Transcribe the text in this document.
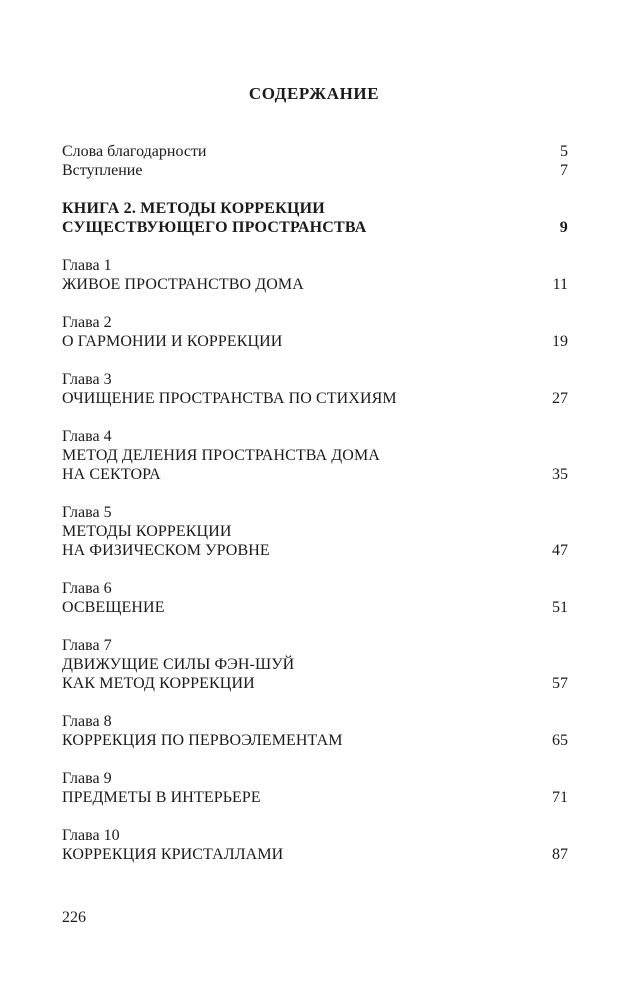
СОДЕРЖАНИЕ
Слова благодарности	5
Вступление	7
КНИГА 2. МЕТОДЫ КОРРЕКЦИИ
СУЩЕСТВУЮЩЕГО ПРОСТРАНСТВА	9
Глава 1
ЖИВОЕ ПРОСТРАНСТВО ДОМА	11
Глава 2
О ГАРМОНИИ И КОРРЕКЦИИ	19
Глава 3
ОЧИЩЕНИЕ ПРОСТРАНСТВА ПО СТИХИЯМ	27
Глава 4
МЕТОД ДЕЛЕНИЯ ПРОСТРАНСТВА ДОМА
НА СЕКТОРА	35
Глава 5
МЕТОДЫ КОРРЕКЦИИ
НА ФИЗИЧЕСКОМ УРОВНЕ	47
Глава 6
ОСВЕЩЕНИЕ	51
Глава 7
ДВИЖУЩИЕ СИЛЫ ФЭН-ШУЙ
КАК МЕТОД КОРРЕКЦИИ	57
Глава 8
КОРРЕКЦИЯ ПО ПЕРВОЭЛЕМЕНТАМ	65
Глава 9
ПРЕДМЕТЫ В ИНТЕРЬЕРЕ	71
Глава 10
КОРРЕКЦИЯ КРИСТАЛЛАМИ	87
226
